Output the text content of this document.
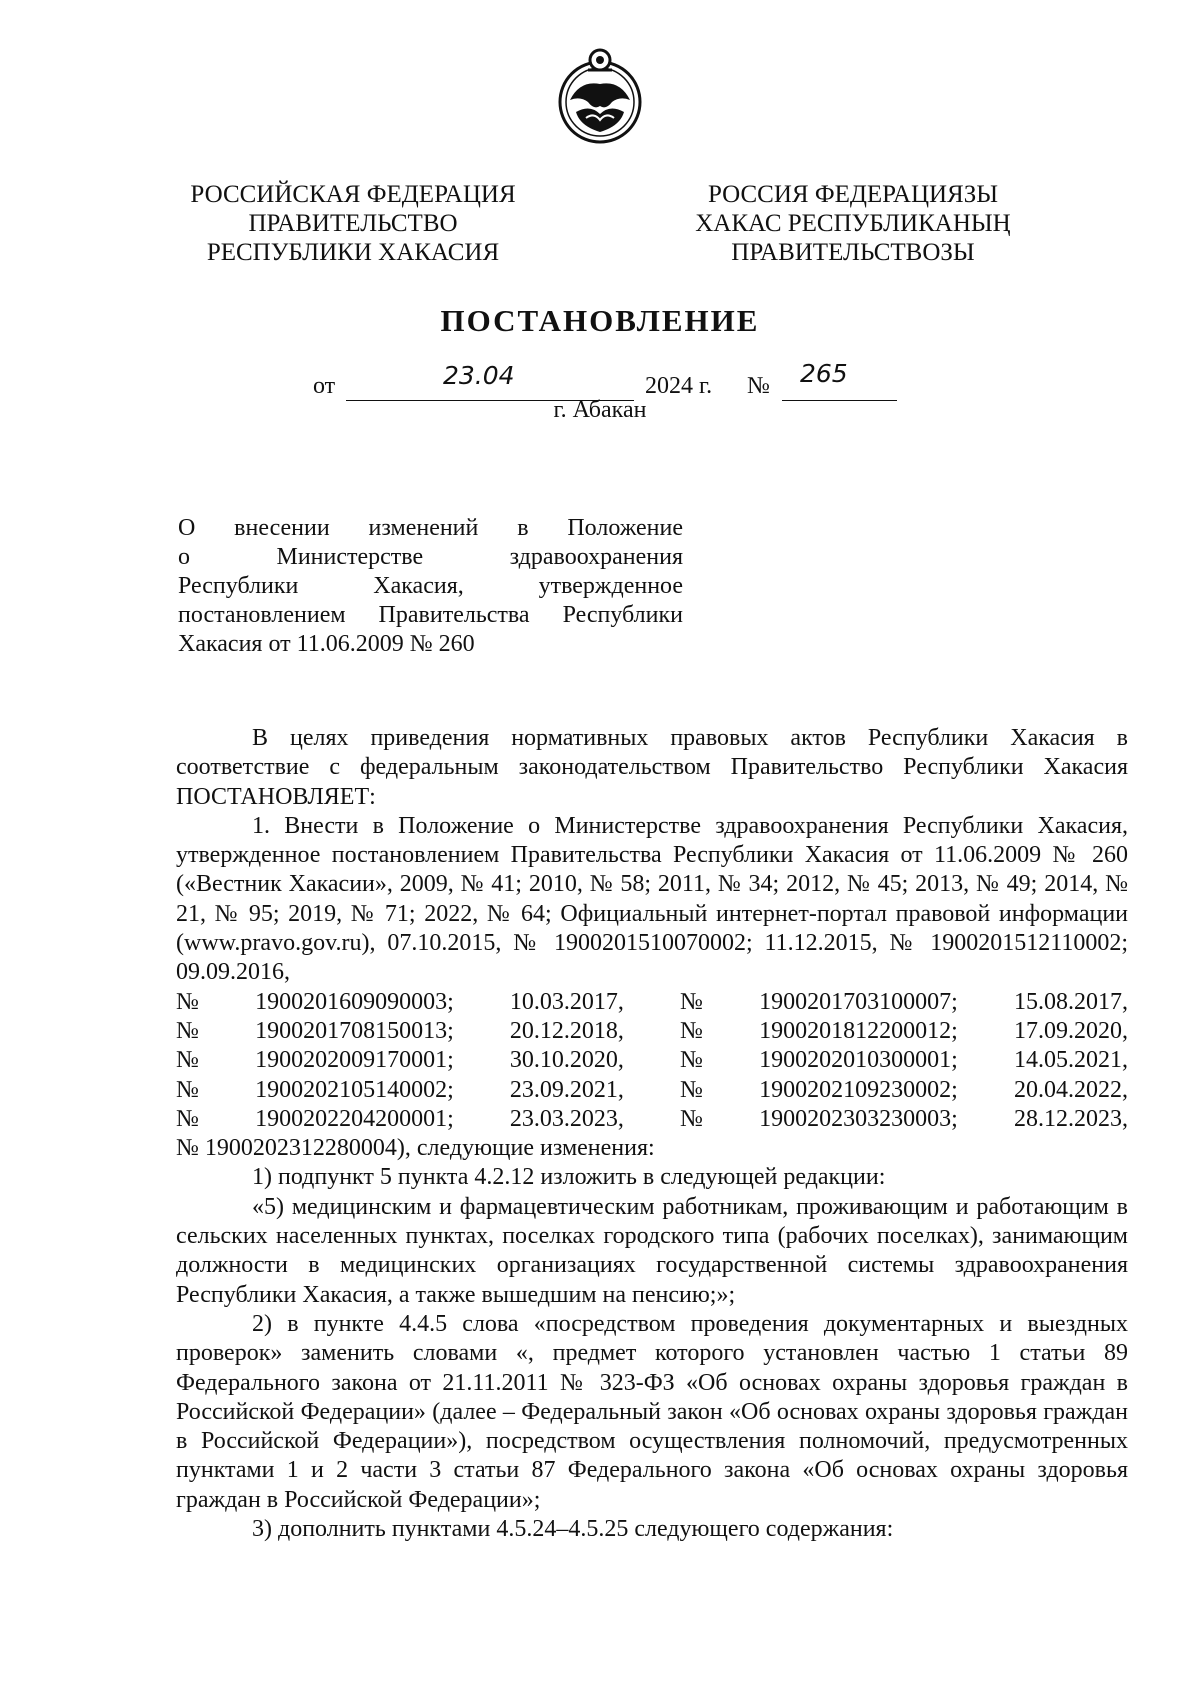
РОССИЙСКАЯ ФЕДЕРАЦИЯ
ПРАВИТЕЛЬСТВО
РЕСПУБЛИКИ ХАКАСИЯ
РОССИЯ ФЕДЕРАЦИЯЗЫ
ХАКАС РЕСПУБЛИКАНЫҢ
ПРАВИТЕЛЬСТВОЗЫ
ПОСТАНОВЛЕНИЕ
от	23.04	2024 г. № 265
г. Абакан
О внесении изменений в Положение
о Министерстве здравоохранения
Республики Хакасия, утвержденное
постановлением Правительства Республики
Хакасия от 11.06.2009 № 260

В целях приведения нормативных правовых актов Республики Хакасия в соответствие с федеральным законодательством Правительство Республики Хакасия ПОСТАНОВЛЯЕТ:

1. Внести в Положение о Министерстве здравоохранения Республики Хакасия, утвержденное постановлением Правительства Республики Хакасия от 11.06.2009 № 260 («Вестник Хакасии», 2009, № 41; 2010, № 58; 2011, № 34; 2012, № 45; 2013, № 49; 2014, № 21, № 95; 2019, № 71; 2022, № 64; Официальный интернет-портал правовой информации (www.pravo.gov.ru), 07.10.2015, № 1900201510070002; 11.12.2015, № 1900201512110002; 09.09.2016,

№ 1900201609090003; 10.03.2017, № 1900201703100007; 15.08.2017,
№ 1900201708150013; 20.12.2018, № 1900201812200012; 17.09.2020,
№ 1900202009170001; 30.10.2020, № 1900202010300001; 14.05.2021,
№ 1900202105140002; 23.09.2021, № 1900202109230002; 20.04.2022,
№ 1900202204200001; 23.03.2023, № 1900202303230003; 28.12.2023,

№ 1900202312280004), следующие изменения:

1) подпункт 5 пункта 4.2.12 изложить в следующей редакции:

«5) медицинским и фармацевтическим работникам, проживающим и работающим в сельских населенных пунктах, поселках городского типа (рабочих поселках), занимающим должности в медицинских организациях государственной системы здравоохранения Республики Хакасия, а также вышедшим на пенсию;»;

2) в пункте 4.4.5 слова «посредством проведения документарных и выездных проверок» заменить словами «, предмет которого установлен частью 1 статьи 89 Федерального закона от 21.11.2011 № 323-ФЗ «Об основах охраны здоровья граждан в Российской Федерации» (далее – Федеральный закон «Об основах охраны здоровья граждан в Российской Федерации»), посредством осуществления полномочий, предусмотренных пунктами 1 и 2 части 3 статьи 87 Федерального закона «Об основах охраны здоровья граждан в Российской Федерации»;

3) дополнить пунктами 4.5.24–4.5.25 следующего содержания:
